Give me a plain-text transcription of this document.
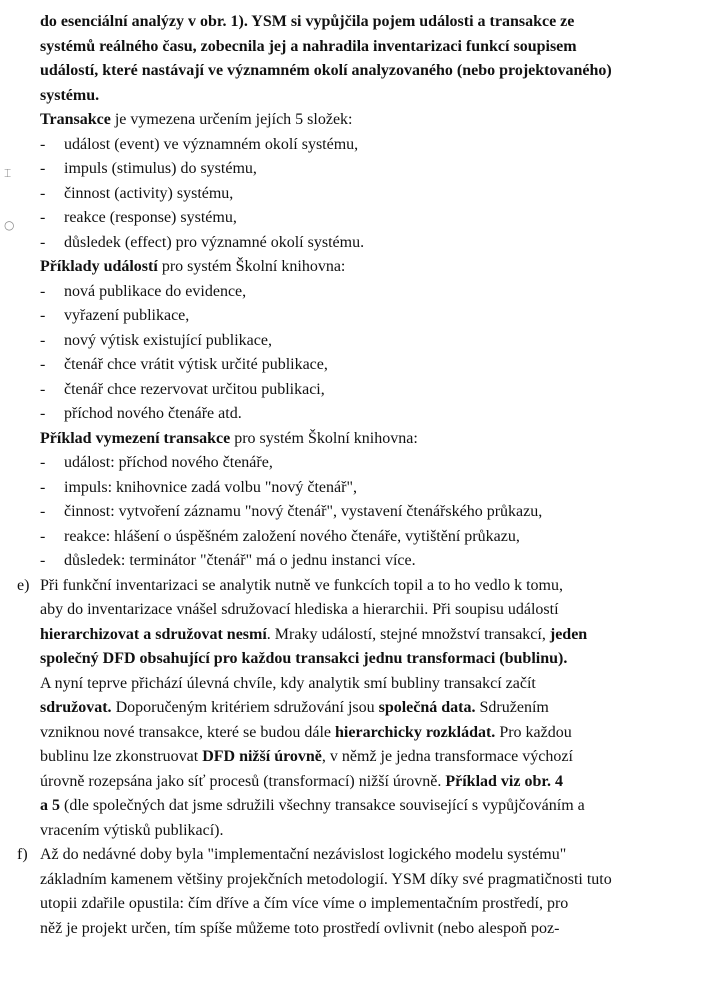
⌶
○
do esenciální analýzy v obr. 1). YSM si vypůjčila pojem události a transakce ze
systémů reálného času, zobecnila jej a nahradila inventarizaci funkcí soupisem
událostí, které nastávají ve významném okolí analyzovaného (nebo projektovaného)
systému.
Transakce je vymezena určením jejích 5 složek:
- událost (event) ve významném okolí systému,
- impuls (stimulus) do systému,
- činnost (activity) systému,
- reakce (response) systému,
- důsledek (effect) pro významné okolí systému.
Příklady událostí pro systém Školní knihovna:
- nová publikace do evidence,
- vyřazení publikace,
- nový výtisk existující publikace,
- čtenář chce vrátit výtisk určité publikace,
- čtenář chce rezervovat určitou publikaci,
- příchod nového čtenáře atd.
Příklad vymezení transakce pro systém Školní knihovna:
- událost: příchod nového čtenáře,
- impuls: knihovnice zadá volbu "nový čtenář",
- činnost: vytvoření záznamu "nový čtenář", vystavení čtenářského průkazu,
- reakce: hlášení o úspěšném založení nového čtenáře, vytištění průkazu,
- důsledek: terminátor "čtenář" má o jednu instanci více.
e) Při funkční inventarizaci se analytik nutně ve funkcích topil a to ho vedlo k tomu,
aby do inventarizace vnášel sdružovací hlediska a hierarchii. Při soupisu událostí
hierarchizovat a sdružovat nesmí. Mraky událostí, stejné množství transakcí, jeden
společný DFD obsahující pro každou transakci jednu transformaci (bublinu).
A nyní teprve přichází úlevná chvíle, kdy analytik smí bubliny transakcí začít
sdružovat. Doporučeným kritériem sdružování jsou společná data. Sdružením
vzniknou nové transakce, které se budou dále hierarchicky rozkládat. Pro každou
bublinu lze zkonstruovat DFD nižší úrovně, v němž je jedna transformace výchozí
úrovně rozepsána jako síť procesů (transformací) nižší úrovně. Příklad viz obr. 4
a 5 (dle společných dat jsme sdružili všechny transakce související s vypůjčováním a
vracením výtisků publikací).
f) Až do nedávné doby byla "implementační nezávislost logického modelu systému"
základním kamenem většiny projekčních metodologií. YSM díky své pragmatičnosti tuto
utopii zdařile opustila: čím dříve a čím více víme o implementačním prostředí, pro
něž je projekt určen, tím spíše můžeme toto prostředí ovlivnit (nebo alespoň poz-
